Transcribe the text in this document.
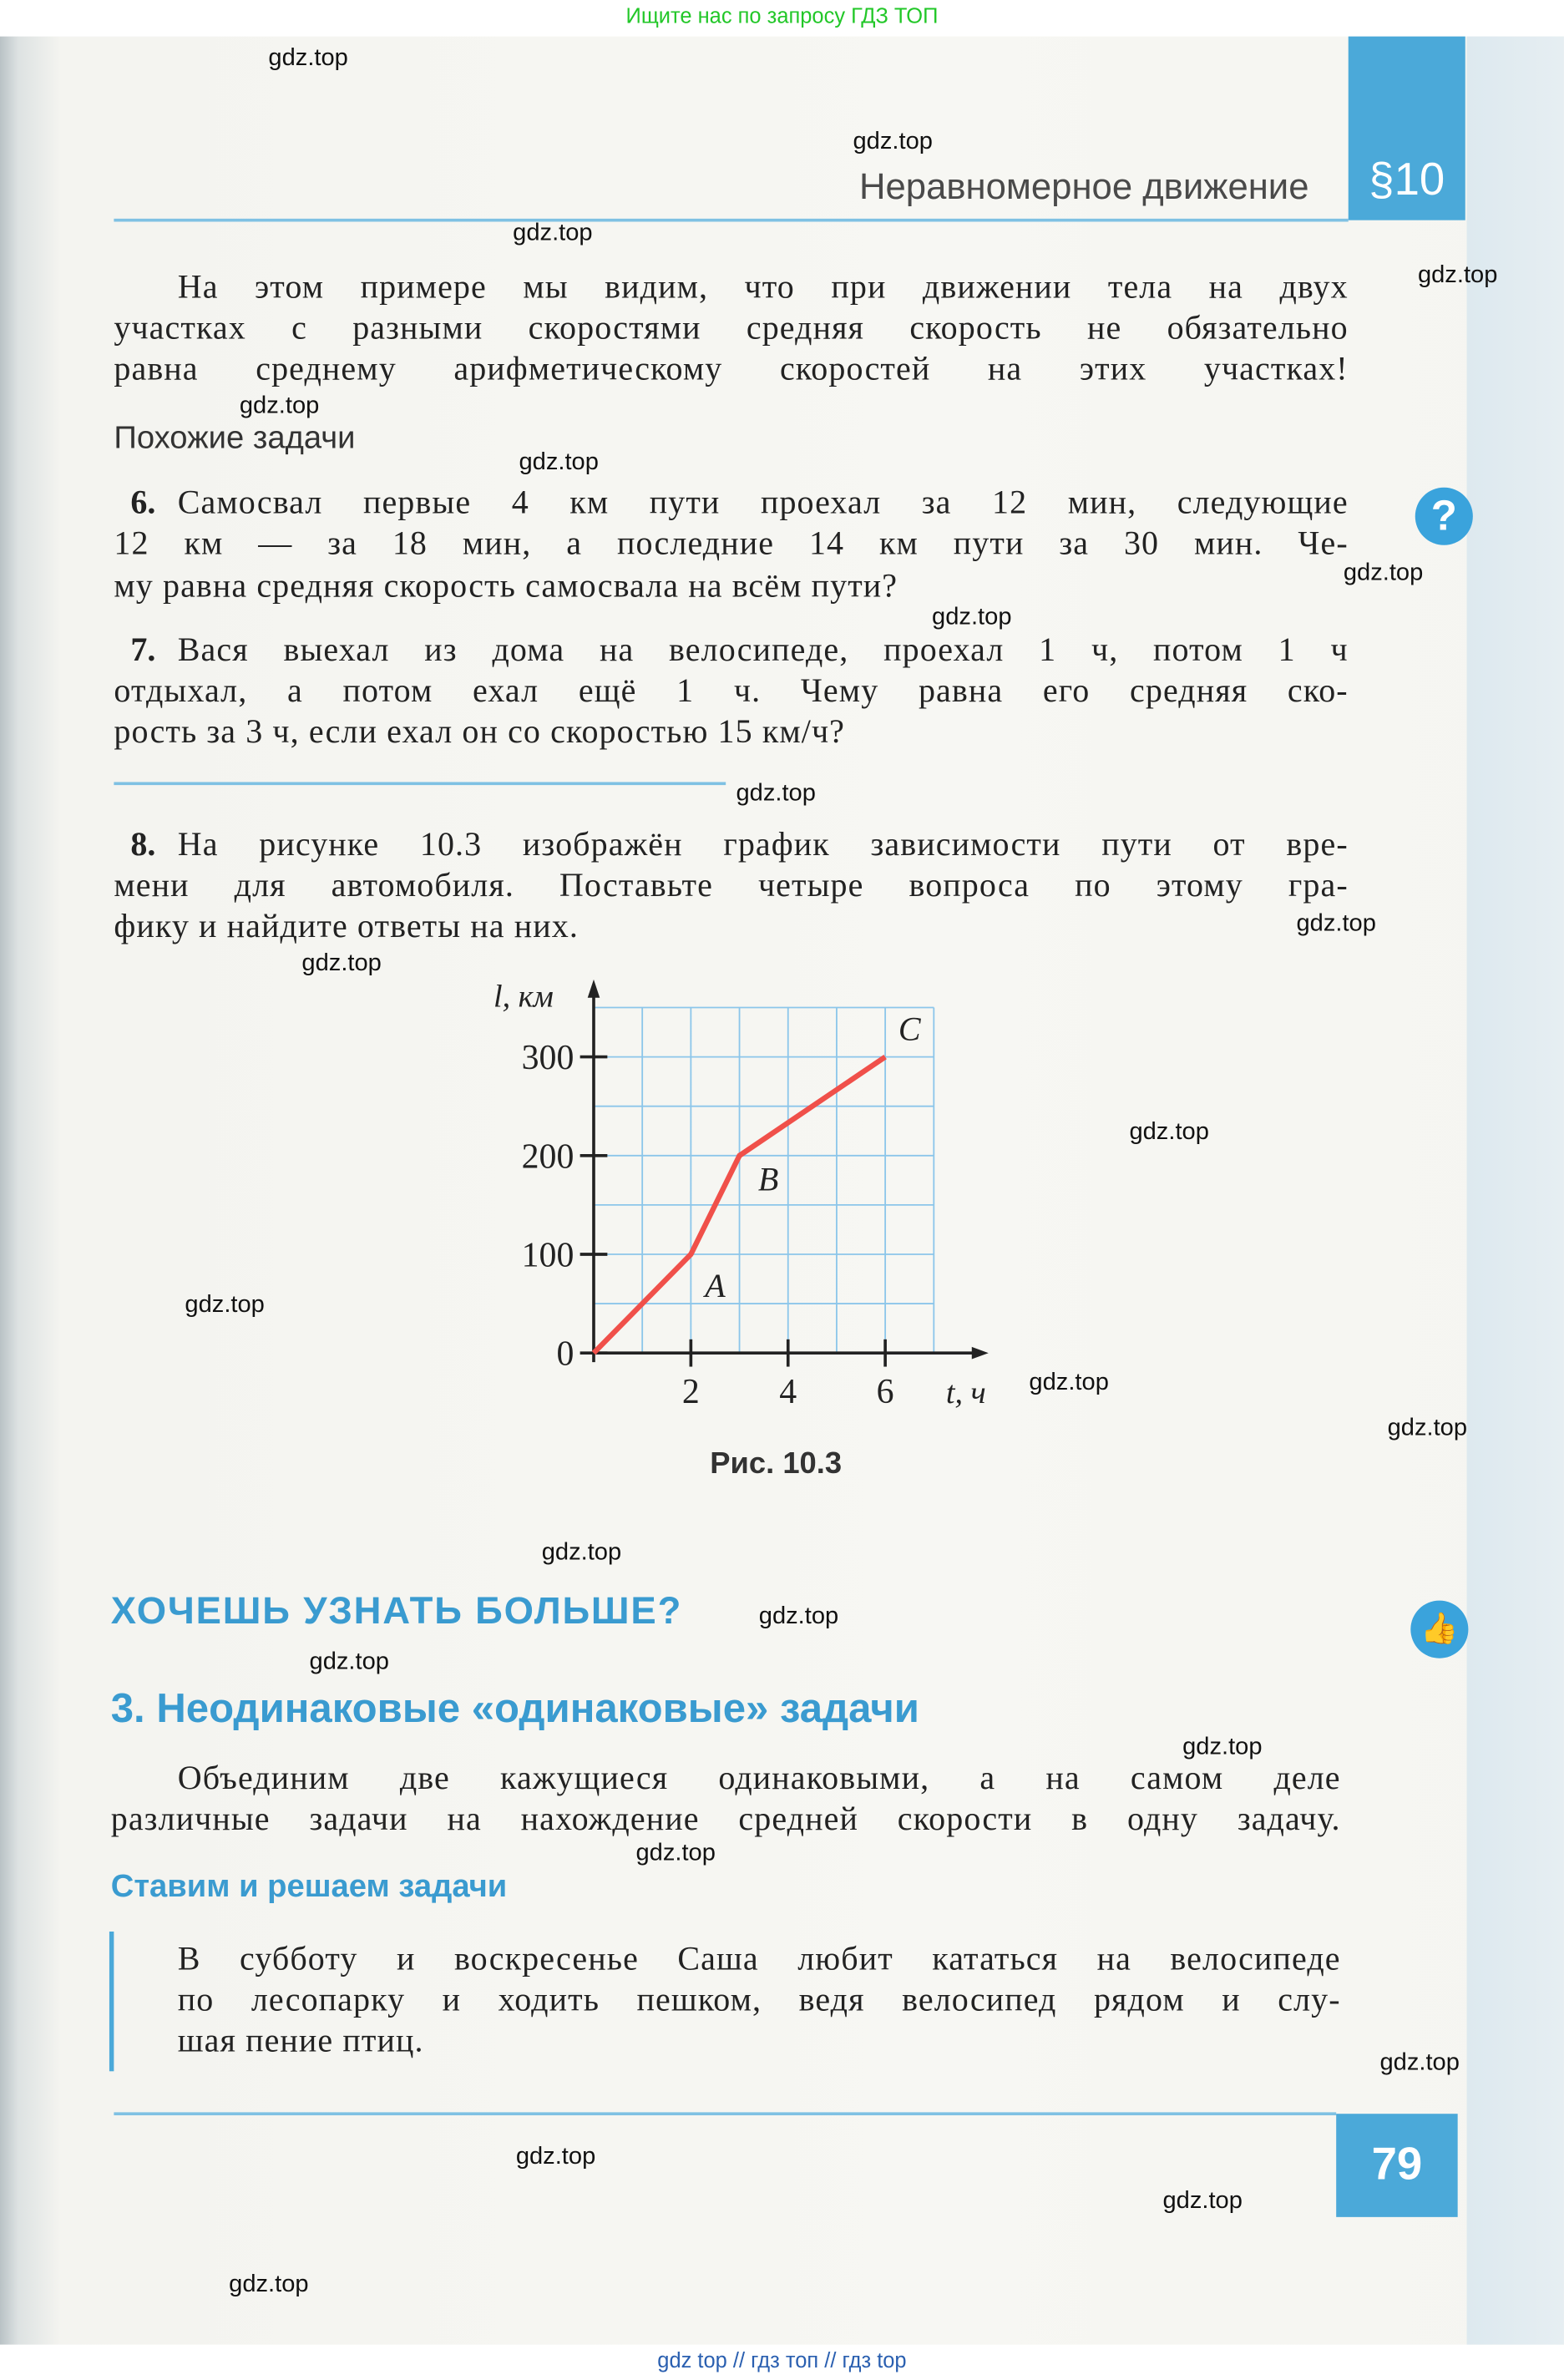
Ищите нас по запросу ГДЗ ТОП
§10
Неравномерное движение
На этом примере мы видим, что при движении тела на двух
участках с разными скоростями средняя скорость не обязательно
равна среднему арифметическому скоростей на этих участках!
Похожие задачи
6. Самосвал первые 4 км пути проехал за 12 мин, следующие
12 км — за 18 мин, а последние 14 км пути за 30 мин. Че-
му равна средняя скорость самосвала на всём пути?
7. Вася выехал из дома на велосипеде, проехал 1 ч, потом 1 ч
отдыхал, а потом ехал ещё 1 ч. Чему равна его средняя ско-
рость за 3 ч, если ехал он со скоростью 15 км/ч?
8. На рисунке 10.3 изображён график зависимости пути от вре-
мени для автомобиля. Поставьте четыре вопроса по этому гра-
фику и найдите ответы на них.
0
100
200
300
2	4	6	t, ч
l, км
A
B
C
Рис. 10.3
ХОЧЕШЬ УЗНАТЬ БОЛЬШЕ?
3. Неодинаковые «одинаковые» задачи
Объединим две кажущиеся одинаковыми, а на самом деле
различные задачи на нахождение средней скорости в одну задачу.
Ставим и решаем задачи
В субботу и воскресенье Саша любит кататься на велосипеде
по лесопарку и ходить пешком, ведя велосипед рядом и слу-
шая пение птиц.
?
👍
79
gdz.top
gdz.top
gdz.top
gdz.top
gdz.top
gdz.top
gdz.top
gdz.top
gdz.top
gdz.top
gdz.top
gdz.top
gdz.top
gdz.top
gdz.top
gdz.top
gdz.top
gdz.top
gdz.top
gdz.top
gdz.top
gdz.top
gdz.top
gdz.top
gdz top // гдз топ // гдз top
